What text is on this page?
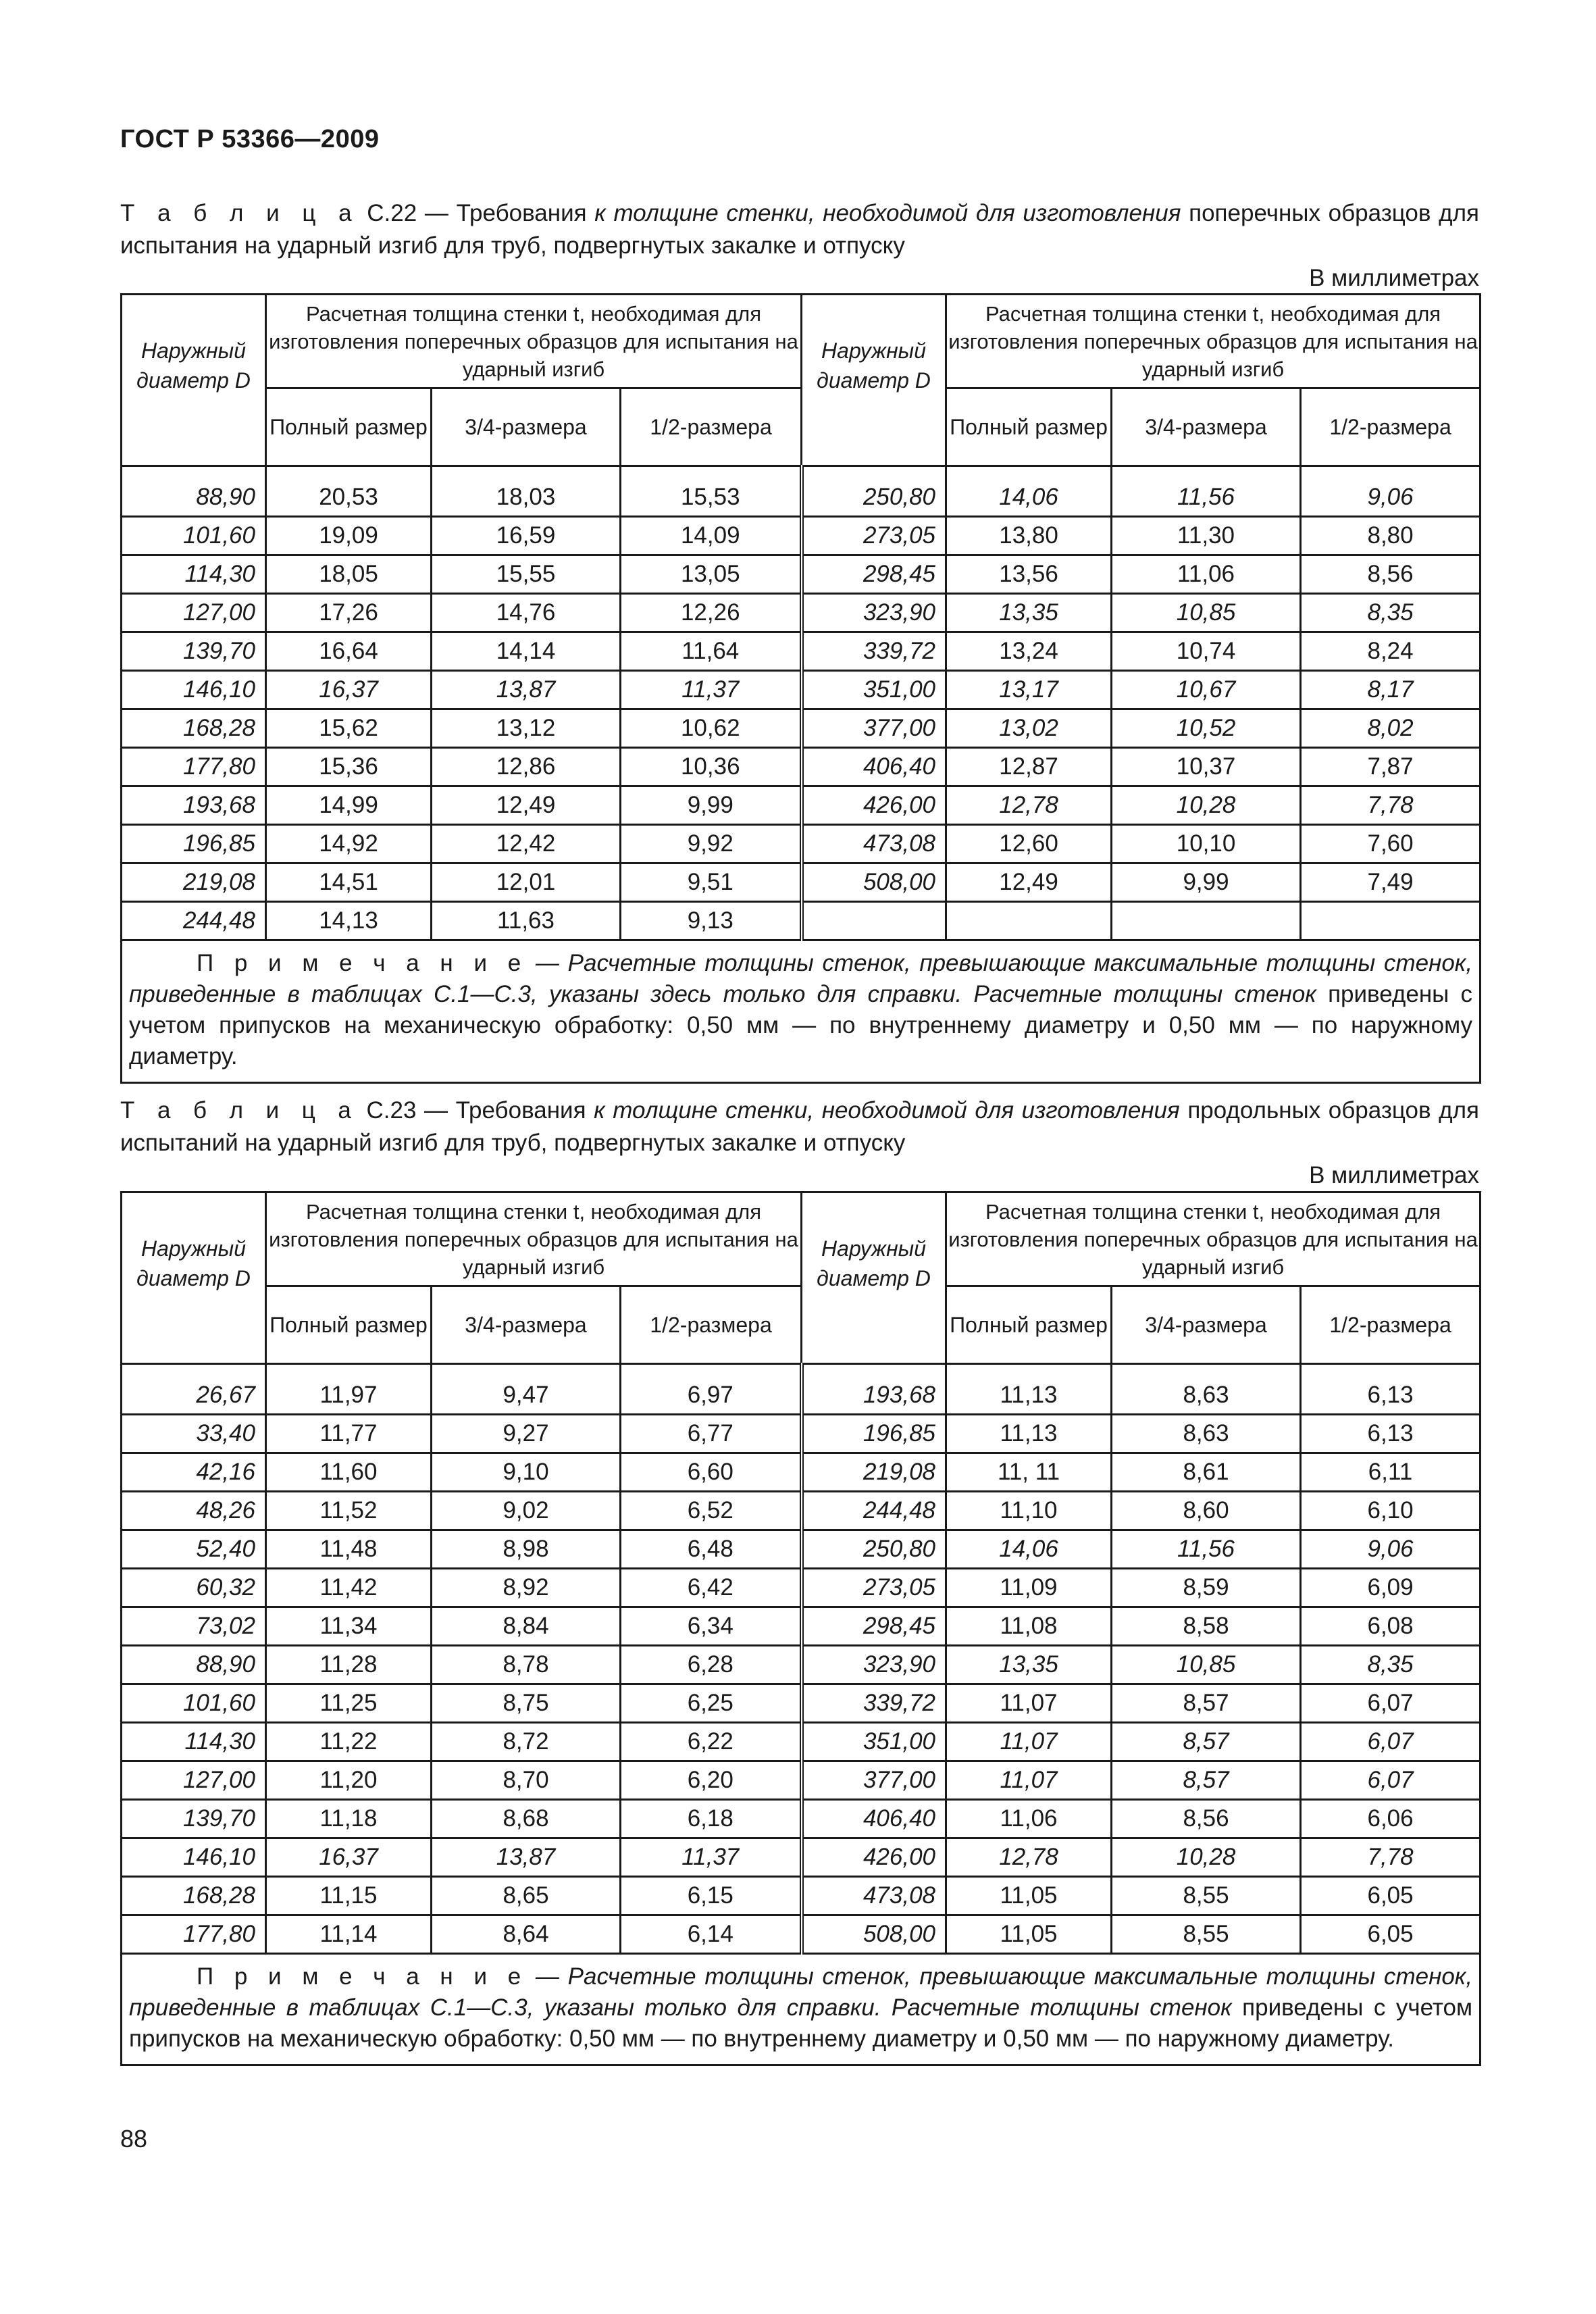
ГОСТ Р 53366—2009
Т а б л и ц а С.22 — Требования к толщине стенки, необходимой для изготовления поперечных образцов для испытания на ударный изгиб для труб, подвергнутых закалке и отпуску
В миллиметрах
Наружный диаметр D	Расчетная толщина стенки t, необходимая для изготовления поперечных образцов для испытания на ударный изгиб			Наружный диаметр D	Расчетная толщина стенки t, необходимая для изготовления поперечных образцов для испытания на ударный изгиб		
	Полный размер	3/4-размера	1/2-размера		Полный размер	3/4-размера	1/2-размера
88,90	20,53	18,03	15,53	250,80	14,06	11,56	9,06
101,60	19,09	16,59	14,09	273,05	13,80	11,30	8,80
114,30	18,05	15,55	13,05	298,45	13,56	11,06	8,56
127,00	17,26	14,76	12,26	323,90	13,35	10,85	8,35
139,70	16,64	14,14	11,64	339,72	13,24	10,74	8,24
146,10	16,37	13,87	11,37	351,00	13,17	10,67	8,17
168,28	15,62	13,12	10,62	377,00	13,02	10,52	8,02
177,80	15,36	12,86	10,36	406,40	12,87	10,37	7,87
193,68	14,99	12,49	9,99	426,00	12,78	10,28	7,78
196,85	14,92	12,42	9,92	473,08	12,60	10,10	7,60
219,08	14,51	12,01	9,51	508,00	12,49	9,99	7,49
244,48	14,13	11,63	9,13				
П р и м е ч а н и е — Расчетные толщины стенок, превышающие максимальные толщины стенок, приведенные в таблицах С.1—С.3, указаны здесь только для справки. Расчетные толщины стенок приведены с учетом припусков на механическую обработку: 0,50 мм — по внутреннему диаметру и 0,50 мм — по наружному диаметру.							
Т а б л и ц а С.23 — Требования к толщине стенки, необходимой для изготовления продольных образцов для испытаний на ударный изгиб для труб, подвергнутых закалке и отпуску
В миллиметрах
Наружный диаметр D	Расчетная толщина стенки t, необходимая для изготовления поперечных образцов для испытания на ударный изгиб			Наружный диаметр D	Расчетная толщина стенки t, необходимая для изготовления поперечных образцов для испытания на ударный изгиб		
	Полный размер	3/4-размера	1/2-размера		Полный размер	3/4-размера	1/2-размера
26,67	11,97	9,47	6,97	193,68	11,13	8,63	6,13
33,40	11,77	9,27	6,77	196,85	11,13	8,63	6,13
42,16	11,60	9,10	6,60	219,08	11, 11	8,61	6,11
48,26	11,52	9,02	6,52	244,48	11,10	8,60	6,10
52,40	11,48	8,98	6,48	250,80	14,06	11,56	9,06
60,32	11,42	8,92	6,42	273,05	11,09	8,59	6,09
73,02	11,34	8,84	6,34	298,45	11,08	8,58	6,08
88,90	11,28	8,78	6,28	323,90	13,35	10,85	8,35
101,60	11,25	8,75	6,25	339,72	11,07	8,57	6,07
114,30	11,22	8,72	6,22	351,00	11,07	8,57	6,07
127,00	11,20	8,70	6,20	377,00	11,07	8,57	6,07
139,70	11,18	8,68	6,18	406,40	11,06	8,56	6,06
146,10	16,37	13,87	11,37	426,00	12,78	10,28	7,78
168,28	11,15	8,65	6,15	473,08	11,05	8,55	6,05
177,80	11,14	8,64	6,14	508,00	11,05	8,55	6,05
П р и м е ч а н и е — Расчетные толщины стенок, превышающие максимальные толщины стенок, приведенные в таблицах С.1—С.3, указаны только для справки. Расчетные толщины стенок приведены с учетом припусков на механическую обработку: 0,50 мм — по внутреннему диаметру и 0,50 мм — по наружному диаметру.							
88
